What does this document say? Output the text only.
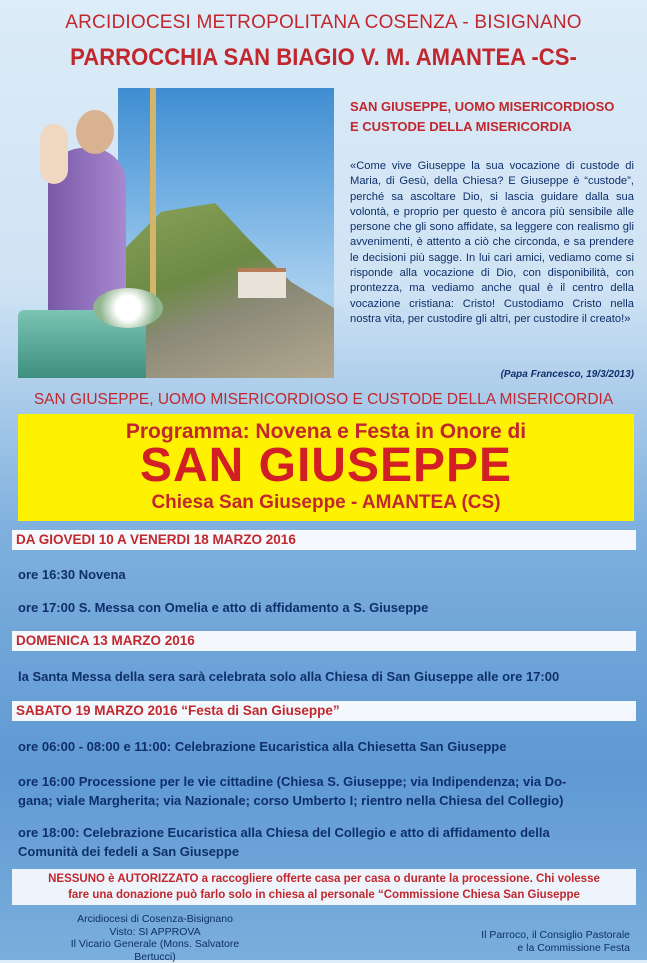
ARCIDIOCESI METROPOLITANA COSENZA - BISIGNANO
PARROCCHIA SAN BIAGIO V. M. AMANTEA -CS-
SAN GIUSEPPE, UOMO MISERICORDIOSO
E CUSTODE DELLA MISERICORDIA
«Come vive Giuseppe la sua vocazione di custode di Maria, di Gesù, della Chiesa? E Giuseppe è “custode”, perché sa ascoltare Dio, si lascia guidare dalla sua volontà, e proprio per questo è ancora più sensibile alle persone che gli sono affidate, sa leggere con realismo gli avvenimenti, è attento a ciò che circonda, e sa prendere le decisioni più sagge. In lui cari amici, vediamo come si risponde alla vocazione di Dio, con disponibilità, con prontezza, ma vediamo anche qual è il centro della vocazione cristiana: Cristo! Custodiamo Cristo nella nostra vita, per custodire gli altri, per custodire il creato!»
(Papa Francesco, 19/3/2013)
SAN GIUSEPPE, UOMO MISERICORDIOSO E CUSTODE DELLA MISERICORDIA
Programma: Novena e Festa in Onore di
SAN GIUSEPPE
Chiesa San Giuseppe - AMANTEA (CS)
DA GIOVEDI 10 A VENERDI 18 MARZO 2016
ore 16:30 Novena
ore 17:00 S. Messa con Omelia e atto di affidamento a S. Giuseppe
DOMENICA 13 MARZO 2016
la Santa Messa della sera sarà celebrata solo alla Chiesa di San Giuseppe alle ore 17:00
SABATO 19 MARZO 2016 “Festa di San Giuseppe”
ore 06:00 - 08:00 e 11:00: Celebrazione Eucaristica alla Chiesetta San Giuseppe
ore 16:00 Processione per le vie cittadine (Chiesa S. Giuseppe; via Indipendenza; via Do-
gana; viale Margherita; via Nazionale; corso Umberto I; rientro nella Chiesa del Collegio)
ore 18:00: Celebrazione Eucaristica alla Chiesa del Collegio e atto di affidamento della
Comunità dei fedeli a San Giuseppe
NESSUNO è AUTORIZZATO a raccogliere offerte casa per casa o durante la processione. Chi volesse
fare una donazione può farlo solo in chiesa al personale “Commissione Chiesa San Giuseppe
Arcidiocesi di Cosenza-Bisignano
Visto: SI APPROVA
Il Vicario Generale (Mons. Salvatore Bertucci)
Il Parroco, il Consiglio Pastorale
e la Commissione Festa
